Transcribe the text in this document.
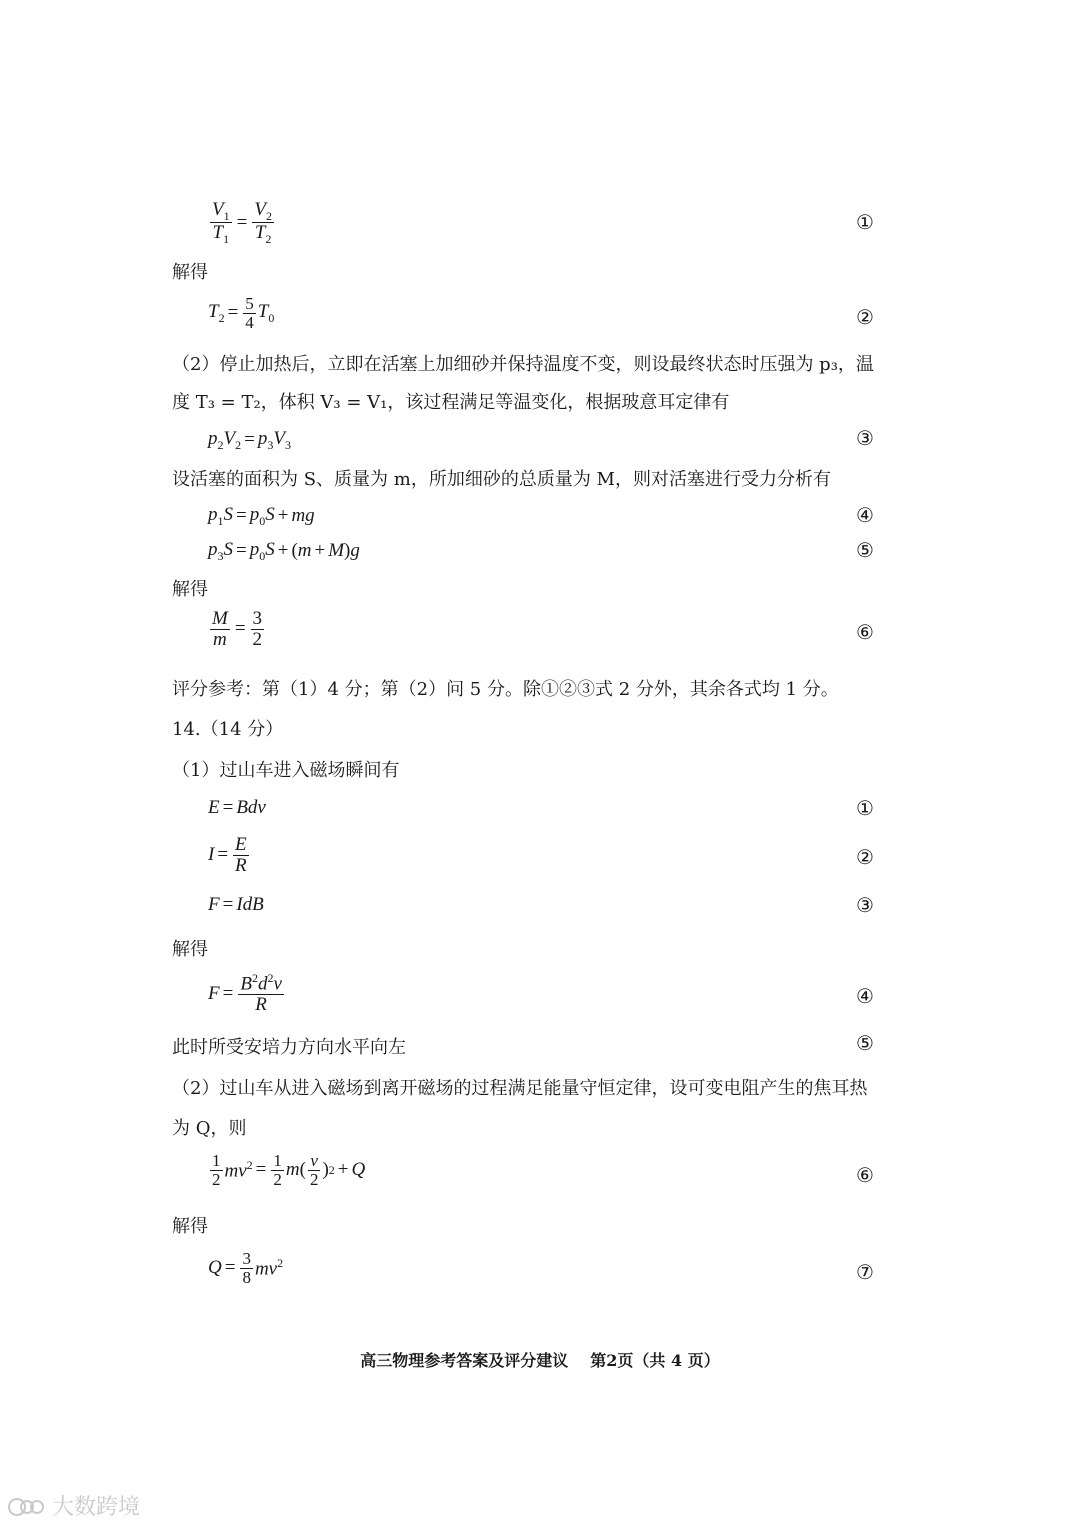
$\frac{V_1}{T_1} = \frac{V_2}{T_2}$	①
解得
$T_2 = \frac{5}{4} T_0$	②
（2）停止加热后，立即在活塞上加细砂并保持温度不变，则设最终状态时压强为 p₃，温
度 T₃ = T₂，体积 V₃ = V₁，该过程满足等温变化，根据玻意耳定律有
$p_2V_2 = p_3V_3$	③
设活塞的面积为 S、质量为 m，所加细砂的总质量为 M，则对活塞进行受力分析有
$p_1S = p_0S$ + mg	④
$p_3S = p_0S$ + ( m + M ) g	⑤
解得
$\frac{M}{m} = \frac{3}{2}$	⑥
评分参考：第（1）4 分；第（2）问 5 分。除①②③式 2 分外，其余各式均 1 分。
14.（14 分）
（1）过山车进入磁场瞬间有
E = Bdv	①
$I = \frac{E}{R}$	②
F = IdB	③
解得
$F = \frac{B^2d^2v}{R}$	④
此时所受安培力方向水平向左	⑤
（2）过山车从进入磁场到离开磁场的过程满足能量守恒定律，设可变电阻产生的焦耳热
为 Q，则
$\frac{1}{2} mv^2 = \frac{1}{2}$ m ( $\frac{v}{2}$ ) 2 + Q	⑥
解得
$Q = \frac{3}{8} mv^2$	⑦
高三物理参考答案及评分建议 第2页（共 4 页）
大数跨境
